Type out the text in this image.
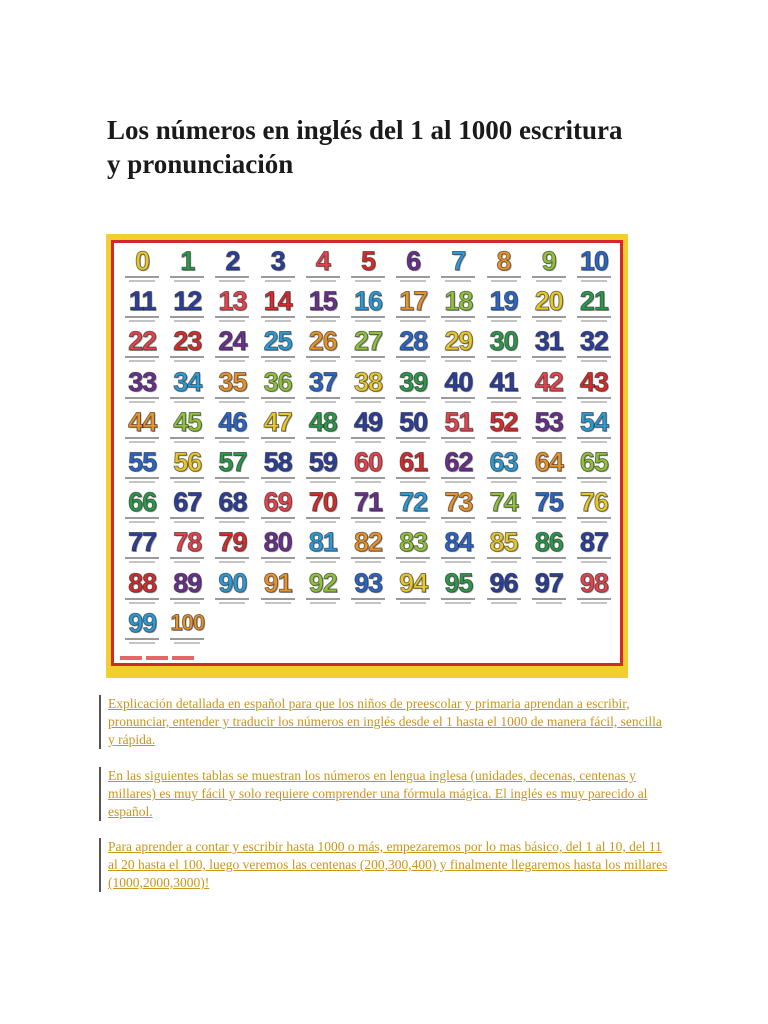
Los números en inglés del 1 al 1000 escritura y pronunciación
0 1 2 3 4 5 6 7 8 9 10
11 12 13 14 15 16 17 18 19 20 21
22 23 24 25 26 27 28 29 30 31 32
33 34 35 36 37 38 39 40 41 42 43
44 45 46 47 48 49 50 51 52 53 54
55 56 57 58 59 60 61 62 63 64 65
66 67 68 69 70 71 72 73 74 75 76
77 78 79 80 81 82 83 84 85 86 87
88 89 90 91 92 93 94 95 96 97 98
99 100

Explicación detallada en español para que los niños de preescolar y primaria aprendan a escribir, pronunciar, entender y traducir los números en inglés desde el 1 hasta el 1000 de manera fácil, sencilla y rápida.

En las siguientes tablas se muestran los números en lengua inglesa (unidades, decenas, centenas y millares) es muy fácil y solo requiere comprender una fórmula mágica. El inglés es muy parecido al español.

Para aprender a contar y escribir hasta 1000 o más, empezaremos por lo mas básico, del 1 al 10, del 11 al 20 hasta el 100, luego veremos las centenas (200,300,400) y finalmente llegaremos hasta los millares (1000,2000,3000)!
